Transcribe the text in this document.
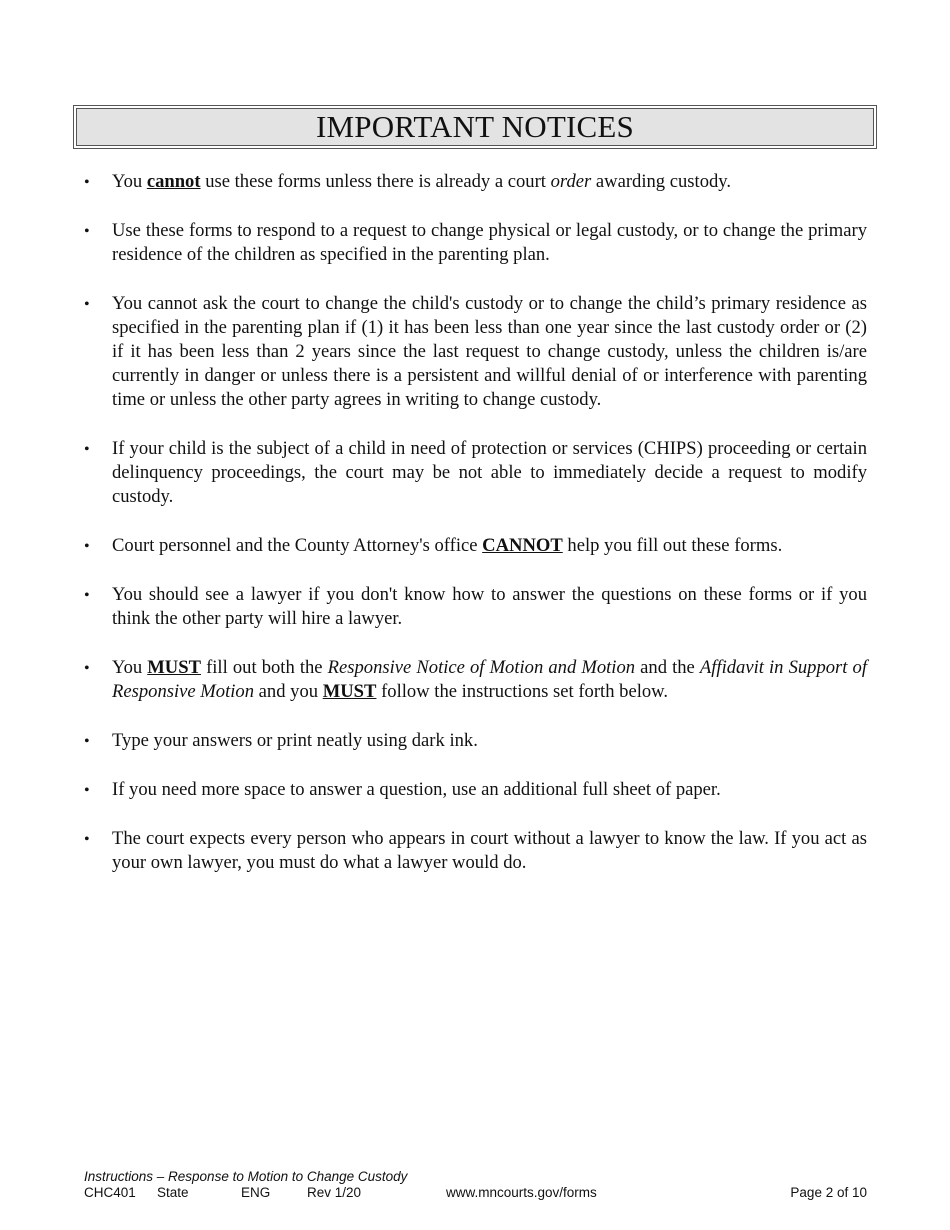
IMPORTANT NOTICES
•	You cannot use these forms unless there is already a court order awarding custody.
•	Use these forms to respond to a request to change physical or legal custody, or to change the primary residence of the children as specified in the parenting plan.
•	You cannot ask the court to change the child's custody or to change the child’s primary residence as specified in the parenting plan if (1) it has been less than one year since the last custody order or (2) if it has been less than 2 years since the last request to change custody, unless the children is/are currently in danger or unless there is a persistent and willful denial of or interference with parenting time or unless the other party agrees in writing to change custody.
•	If your child is the subject of a child in need of protection or services (CHIPS) proceeding or certain delinquency proceedings, the court may be not able to immediately decide a request to modify custody.
•	Court personnel and the County Attorney's office CANNOT help you fill out these forms.
•	You should see a lawyer if you don't know how to answer the questions on these forms or if you think the other party will hire a lawyer.
•	You MUST fill out both the Responsive Notice of Motion and Motion and the Affidavit in Support of Responsive Motion and you MUST follow the instructions set forth below.
•	Type your answers or print neatly using dark ink.
•	If you need more space to answer a question, use an additional full sheet of paper.
•	The court expects every person who appears in court without a lawyer to know the law. If you act as your own lawyer, you must do what a lawyer would do.
Instructions – Response to Motion to Change Custody
CHC401 State	ENG	Rev 1/20	www.mncourts.gov/forms	Page 2 of 10
